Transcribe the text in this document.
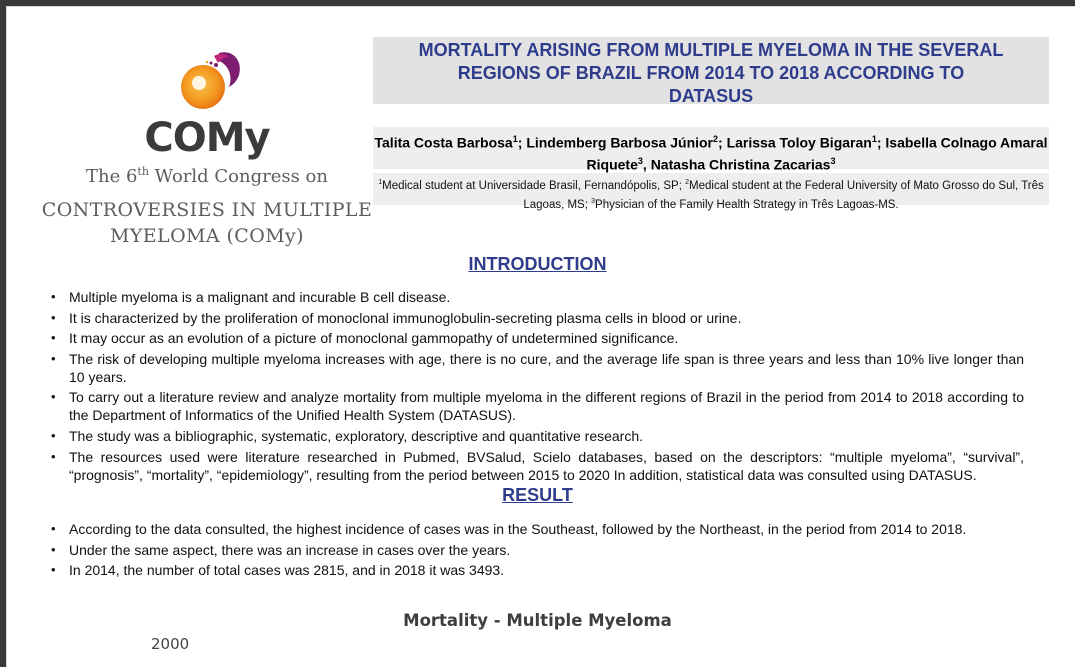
COMy
The 6th World Congress on
CONTROVERSIES IN MULTIPLE
MYELOMA (COMy)
MORTALITY ARISING FROM MULTIPLE MYELOMA IN THE SEVERAL
REGIONS OF BRAZIL FROM 2014 TO 2018 ACCORDING TO
DATASUS
Talita Costa Barbosa$^1$; Lindemberg Barbosa Júnior$^2$; Larissa Toloy Bigaran$^1$; Isabella Colnago Amaral Riquete$^3$, Natasha Christina Zacarias$^3$
$^1$Medical student at Universidade Brasil, Fernandópolis, SP; $^2$Medical student at the Federal University of Mato Grosso do Sul, Três Lagoas, MS; $^3$Physician of the Family Health Strategy in Três Lagoas-MS.
INTRODUCTION
• Multiple myeloma is a malignant and incurable B cell disease.
• It is characterized by the proliferation of monoclonal immunoglobulin-secreting plasma cells in blood or urine.
• It may occur as an evolution of a picture of monoclonal gammopathy of undetermined significance.
• The risk of developing multiple myeloma increases with age, there is no cure, and the average life span is three years and less than 10% live longer than 10 years.
• To carry out a literature review and analyze mortality from multiple myeloma in the different regions of Brazil in the period from 2014 to 2018 according to the Department of Informatics of the Unified Health System (DATASUS).
• The study was a bibliographic, systematic, exploratory, descriptive and quantitative research.
• The resources used were literature researched in Pubmed, BVSalud, Scielo databases, based on the descriptors: “multiple myeloma”, “survival”, “prognosis”, “mortality”, “epidemiology”, resulting from the period between 2015 to 2020 In addition, statistical data was consulted using DATASUS.
RESULT
• According to the data consulted, the highest incidence of cases was in the Southeast, followed by the Northeast, in the period from 2014 to 2018.
• Under the same aspect, there was an increase in cases over the years.
• In 2014, the number of total cases was 2815, and in 2018 it was 3493.
Mortality - Multiple Myeloma
2000
